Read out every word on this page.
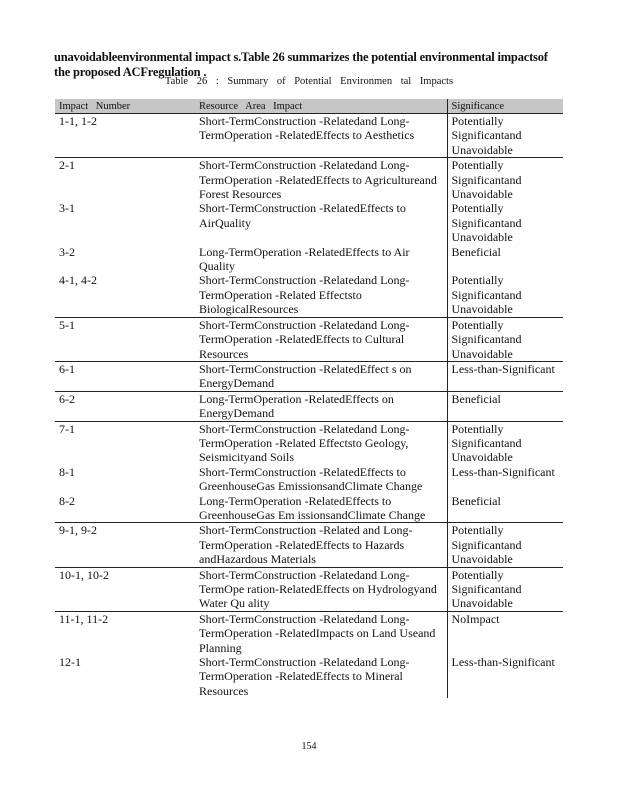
unavoidableenvironmental impact s.Table 26 summarizes the potential environmental impactsof the proposed ACFregulation .

Table 26 : Summary of Potential Environmen tal Impacts
Impact Number	Resource Area Impact	Significance
1-1, 1-2	Short-TermConstruction -Relatedand Long-TermOperation -RelatedEffects to Aesthetics	Potentially Significantand Unavoidable
2-1	Short-TermConstruction -Relatedand Long-TermOperation -RelatedEffects to Agricultureand Forest Resources	Potentially Significantand Unavoidable
3-1	Short-TermConstruction -RelatedEffects to AirQuality	Potentially Significantand Unavoidable
3-2	Long-TermOperation -RelatedEffects to Air Quality	Beneficial
4-1, 4-2	Short-TermConstruction -Relatedand Long-TermOperation -Related Effectsto BiologicalResources	Potentially Significantand Unavoidable
5-1	Short-TermConstruction -Relatedand Long-TermOperation -RelatedEffects to Cultural Resources	Potentially Significantand Unavoidable
6-1	Short-TermConstruction -RelatedEffect s on EnergyDemand	Less-than-Significant
6-2	Long-TermOperation -RelatedEffects on EnergyDemand	Beneficial
7-1	Short-TermConstruction -Relatedand Long-TermOperation -Related Effectsto Geology, Seismicityand Soils	Potentially Significantand Unavoidable
8-1	Short-TermConstruction -RelatedEffects to GreenhouseGas EmissionsandClimate Change	Less-than-Significant
8-2	Long-TermOperation -RelatedEffects to GreenhouseGas Em issionsandClimate Change	Beneficial
9-1, 9-2	Short-TermConstruction -Related and Long-TermOperation -RelatedEffects to Hazards andHazardous Materials	Potentially Significantand Unavoidable
10-1, 10-2	Short-TermConstruction -Relatedand Long-TermOpe ration-RelatedEffects on Hydrologyand Water Qu ality	Potentially Significantand Unavoidable
11-1, 11-2	Short-TermConstruction -Relatedand Long-TermOperation -RelatedImpacts on Land Useand Planning	NoImpact
12-1	Short-TermConstruction -Relatedand Long-TermOperation -RelatedEffects to Mineral Resources	Less-than-Significant
154
